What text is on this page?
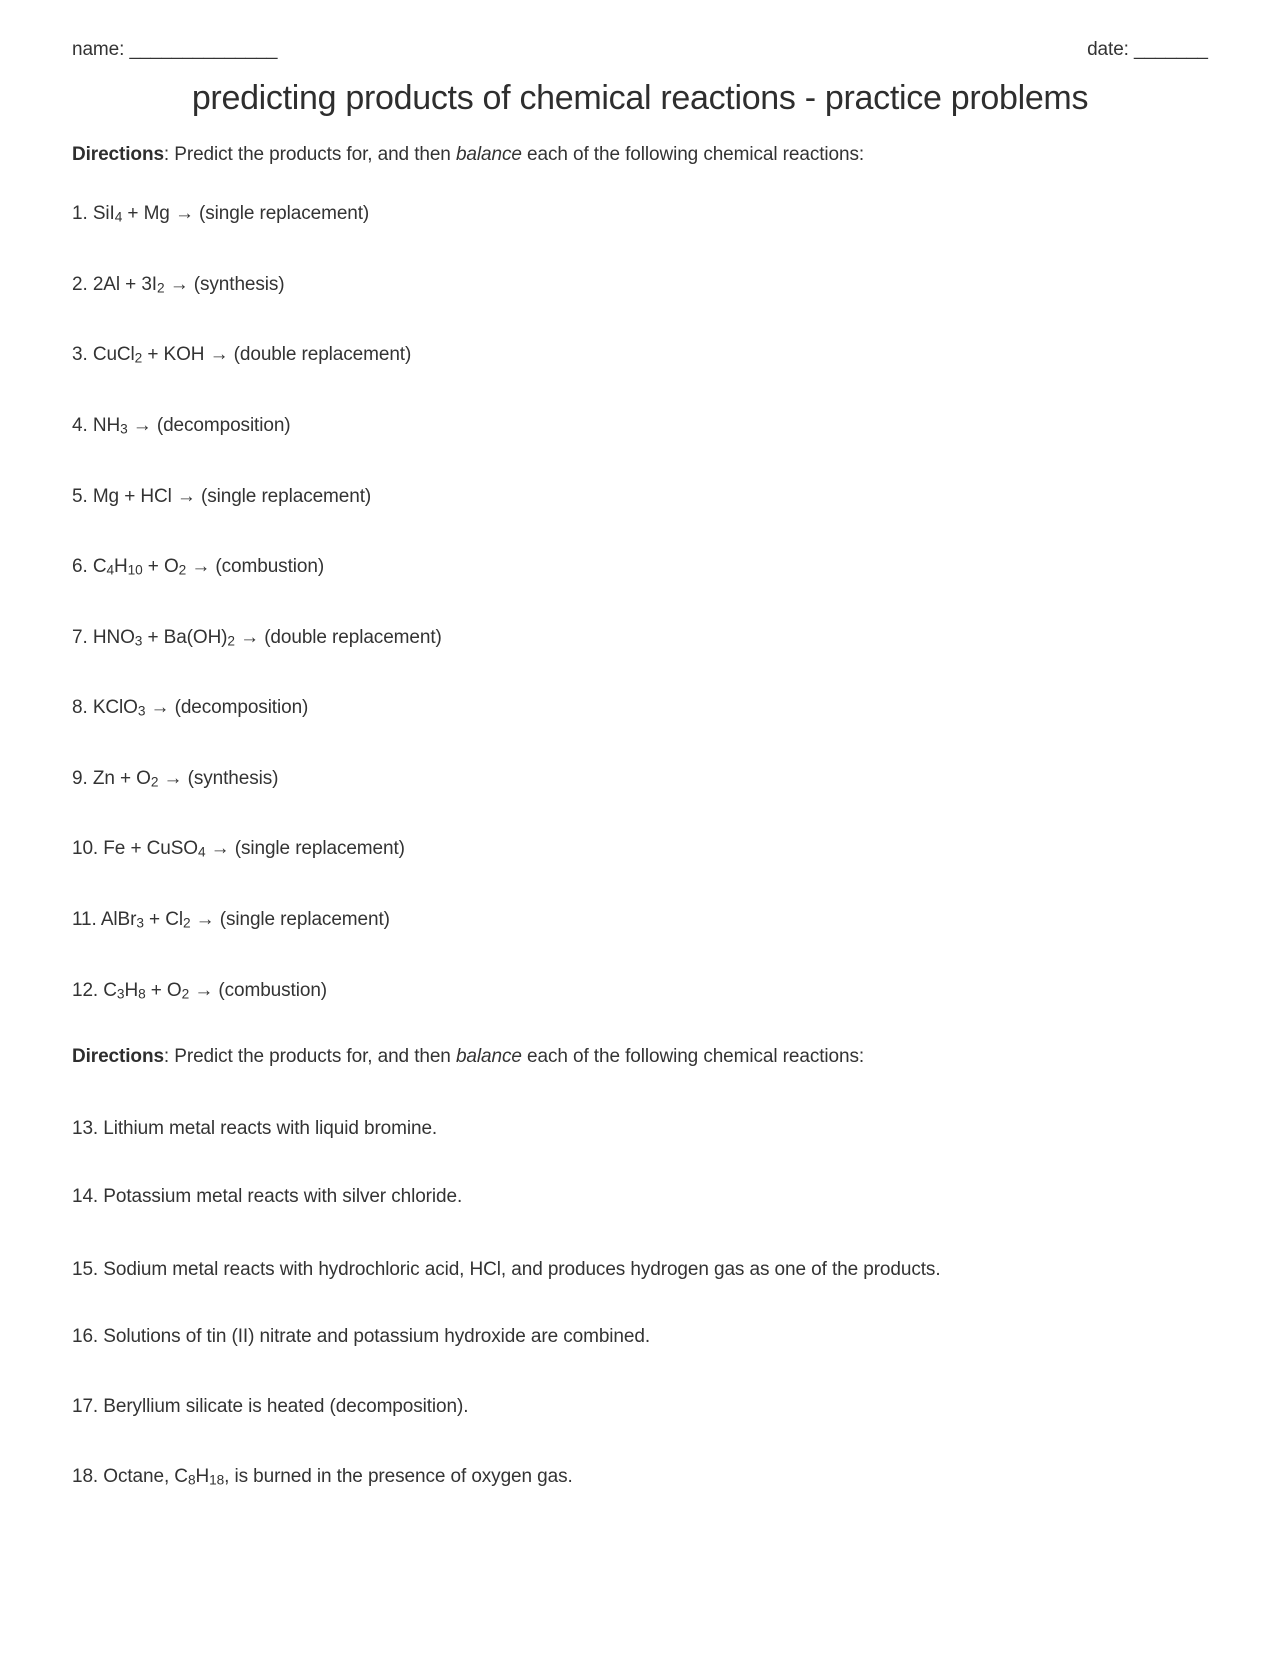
name: ______________	date: _______
predicting products of chemical reactions - practice problems
Directions: Predict the products for, and then balance each of the following chemical reactions:
1. SiI$_4$ + Mg → (single replacement)
2. $2Al + 3I_2$ → (synthesis)
3. CuCl$_2$ + KOH → (double replacement)
4. $NH_3$ → (decomposition)
5. Mg + HCl → (single replacement)
6. $C_4H_{10} + O_2$ → (combustion)
7. $HNO_3 + Ba(OH)_2$ → (double replacement)
8. KClO$_3$ → (decomposition)
9. $Zn + O_2$ → (synthesis)
10. Fe + CuSO$_4$ → (single replacement)
11. AlBr$_3$ + $Cl_2$ → (single replacement)
12. $C_3H_8 + O_2$ → (combustion)
Directions: Predict the products for, and then balance each of the following chemical reactions:
13. Lithium metal reacts with liquid bromine.
14. Potassium metal reacts with silver chloride.
15. Sodium metal reacts with hydrochloric acid, HCl, and produces hydrogen gas as one of the products.
16. Solutions of tin (II) nitrate and potassium hydroxide are combined.
17. Beryllium silicate is heated (decomposition).
18. Octane, $C_8H_{18}$, is burned in the presence of oxygen gas.
